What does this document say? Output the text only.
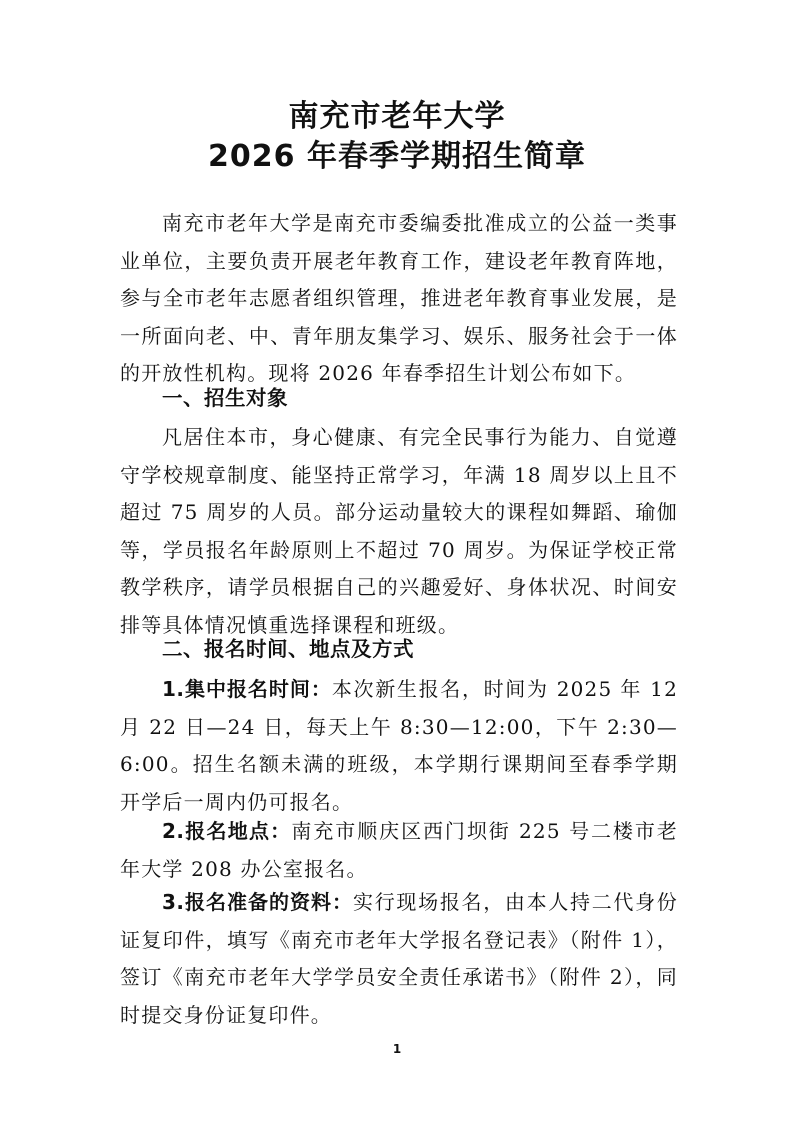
南充市老年大学
2026 年春季学期招生简章

南充市老年大学是南充市委编委批准成立的公益一类事业单位，主要负责开展老年教育工作，建设老年教育阵地，参与全市老年志愿者组织管理，推进老年教育事业发展，是一所面向老、中、青年朋友集学习、娱乐、服务社会于一体的开放性机构。现将 2026 年春季招生计划公布如下。

一、招生对象

凡居住本市，身心健康、有完全民事行为能力、自觉遵守学校规章制度、能坚持正常学习，年满 18 周岁以上且不超过 75 周岁的人员。部分运动量较大的课程如舞蹈、瑜伽等，学员报名年龄原则上不超过 70 周岁。为保证学校正常教学秩序，请学员根据自己的兴趣爱好、身体状况、时间安排等具体情况慎重选择课程和班级。

二、报名时间、地点及方式

1.集中报名时间：本次新生报名，时间为 2025 年 12 月 22 日—24 日，每天上午 8:30—12:00，下午 2:30—6:00。招生名额未满的班级，本学期行课期间至春季学期开学后一周内仍可报名。

2.报名地点：南充市顺庆区西门坝街 225 号二楼市老年大学 208 办公室报名。

3.报名准备的资料：实行现场报名，由本人持二代身份证复印件，填写《南充市老年大学报名登记表》（附件 1），签订《南充市老年大学学员安全责任承诺书》（附件 2），同时提交身份证复印件。

1
